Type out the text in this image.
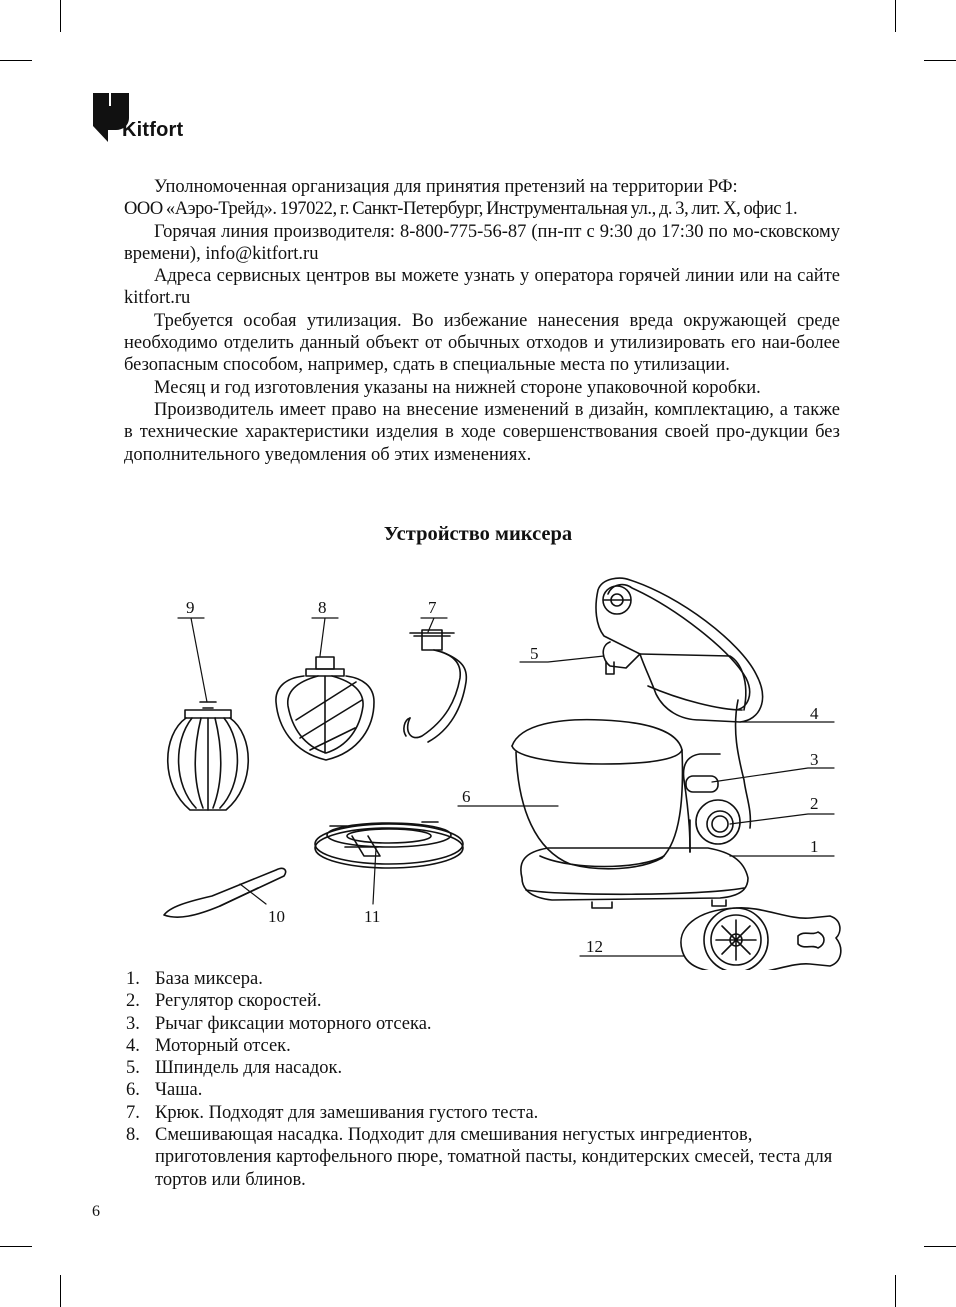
Kitfort

Уполномоченная организация для принятия претензий на территории РФ:

ООО «Аэро-Трейд». 197022, г. Санкт-Петербург, Инструментальная ул., д. 3, лит. Х, офис 1.

Горячая линия производителя: 8-800-775-56-87 (пн-пт с 9:30 до 17:30 по мо-сковскому времени), info@kitfort.ru

Адреса сервисных центров вы можете узнать у оператора горячей линии или на сайте kitfort.ru

Требуется особая утилизация. Во избежание нанесения вреда окружающей среде необходимо отделить данный объект от обычных отходов и утилизировать его наи-более безопасным способом, например, сдать в специальные места по утилизации.

Месяц и год изготовления указаны на нижней стороне упаковочной коробки.

Производитель имеет право на внесение изменений в дизайн, комплектацию, а также в технические характеристики изделия в ходе совершенствования своей про-дукции без дополнительного уведомления об этих изменениях.

Устройство миксера
9	8	7
5
4
3
2
1
6
10	11
12
1. База миксера.
2. Регулятор скоростей.
3. Рычаг фиксации моторного отсека.
4. Моторный отсек.
5. Шпиндель для насадок.
6. Чаша.
7. Крюк. Подходят для замешивания густого теста.
8. Смешивающая насадка. Подходит для смешивания негустых ингредиентов, приготовления картофельного пюре, томатной пасты, кондитерских смесей, теста для тортов или блинов.
6
